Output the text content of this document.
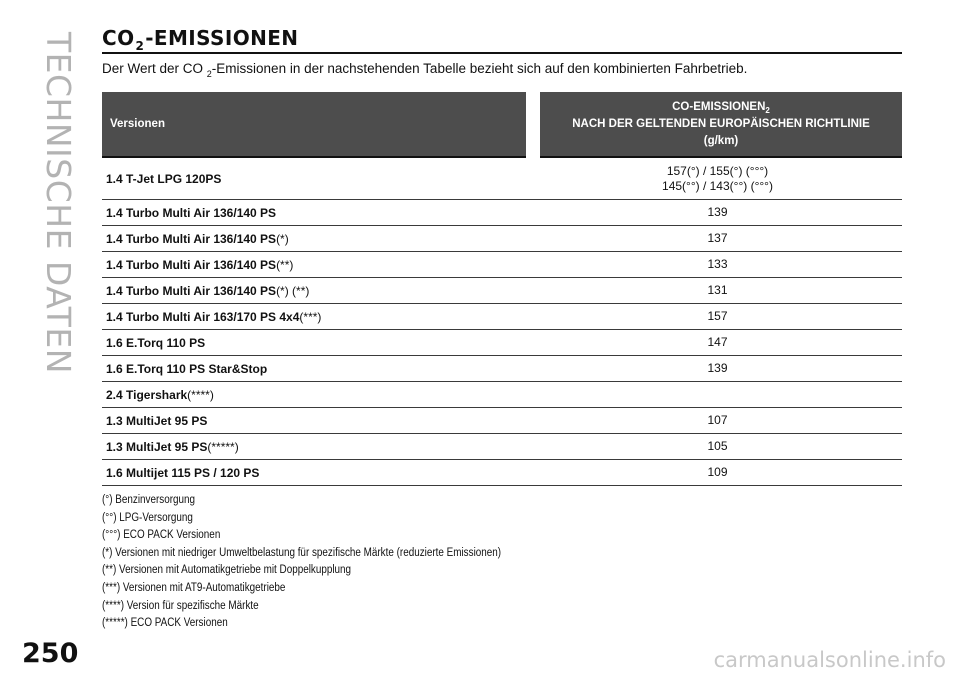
TECHNISCHE DATEN CO 2 -EMISSIONEN
Der Wert der CO $_2$-Emissionen in der nachstehenden Tabelle bezieht sich auf den kombinierten Fahrbetrieb.
Versionen	$CO-EMISSIONEN_2$
NACH DER GELTENDEN EUROPÄISCHEN RICHTLINIE
(g/km)
1.4 T-Jet LPG 120PS	157(°) / 155(°) (°°°)
145(°°) / 143(°°) (°°°)
1.4 Turbo Multi Air 136/140 PS	139
1.4 Turbo Multi Air 136/140 PS(*)	137
1.4 Turbo Multi Air 136/140 PS(**)	133
1.4 Turbo Multi Air 136/140 PS(*) (**)	131
1.4 Turbo Multi Air 163/170 PS 4x4(***)	157
1.6 E.Torq 110 PS	147
1.6 E.Torq 110 PS Star&Stop	139
2.4 Tigershark(****)	
1.3 MultiJet 95 PS	107
1.3 MultiJet 95 PS(*****)	105
1.6 Multijet 115 PS / 120 PS	109
(°) Benzinversorgung
(°°) LPG-Versorgung
(°°°) ECO PACK Versionen
(*) Versionen mit niedriger Umweltbelastung für spezifische Märkte (reduzierte Emissionen)
(**) Versionen mit Automatikgetriebe mit Doppelkupplung
(***) Versionen mit AT9-Automatikgetriebe
(****) Version für spezifische Märkte
(*****) ECO PACK Versionen
250	carmanualsonline.info
